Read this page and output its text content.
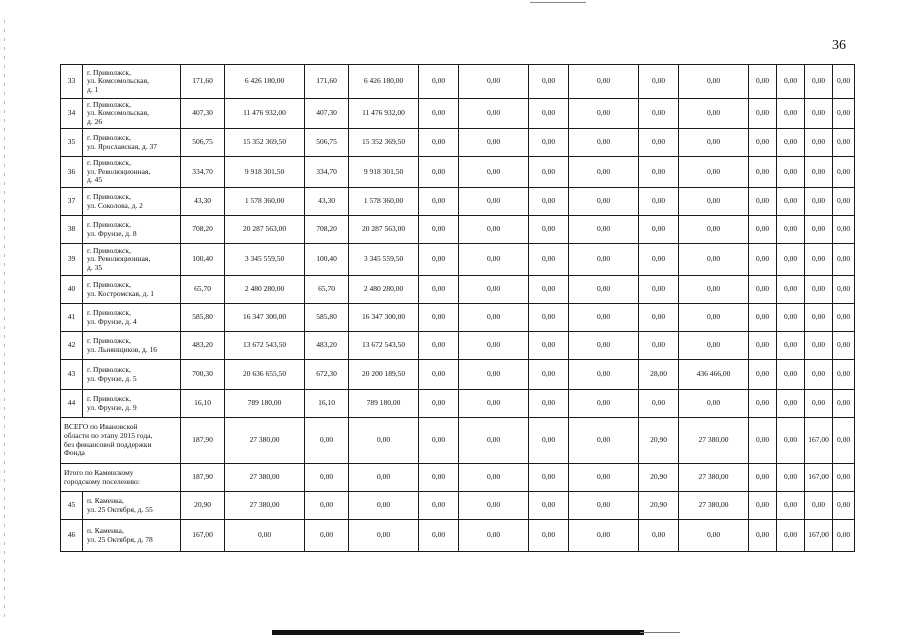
36
33	г. Приволжск,
ул. Комсомольская,
д. 1	171,60	6 426 180,00	171,60	6 426 180,00	0,00	0,00	0,00	0,00	0,00	0,00	0,00	0,00	0,00	0,00
34	г. Приволжск,
ул. Комсомольская,
д. 26	407,30	11 476 932,00	407,30	11 476 932,00	0,00	0,00	0,00	0,00	0,00	0,00	0,00	0,00	0,00	0,00
35	г. Приволжск,
ул. Ярославская, д. 37	506,75	15 352 369,50	506,75	15 352 369,50	0,00	0,00	0,00	0,00	0,00	0,00	0,00	0,00	0,00	0,00
36	г. Приволжск,
ул. Революционная,
д. 45	334,70	9 918 301,50	334,70	9 918 301,50	0,00	0,00	0,00	0,00	0,00	0,00	0,00	0,00	0,00	0,00
37	г. Приволжск,
ул. Соколова, д. 2	43,30	1 578 360,00	43,30	1 578 360,00	0,00	0,00	0,00	0,00	0,00	0,00	0,00	0,00	0,00	0,00
38	г. Приволжск,
ул. Фрунзе, д. 8	708,20	20 287 563,00	708,20	20 287 563,00	0,00	0,00	0,00	0,00	0,00	0,00	0,00	0,00	0,00	0,00
39	г. Приволжск,
ул. Революционная,
д. 35	100,40	3 345 559,50	100,40	3 345 559,50	0,00	0,00	0,00	0,00	0,00	0,00	0,00	0,00	0,00	0,00
40	г. Приволжск,
ул. Костромская, д. 1	65,70	2 480 280,00	65,70	2 480 280,00	0,00	0,00	0,00	0,00	0,00	0,00	0,00	0,00	0,00	0,00
41	г. Приволжск,
ул. Фрунзе, д. 4	585,80	16 347 300,00	585,80	16 347 300,00	0,00	0,00	0,00	0,00	0,00	0,00	0,00	0,00	0,00	0,00
42	г. Приволжск,
ул. Льнянщиков, д. 16	483,20	13 672 543,50	483,20	13 672 543,50	0,00	0,00	0,00	0,00	0,00	0,00	0,00	0,00	0,00	0,00
43	г. Приволжск,
ул. Фрунзе, д. 5	700,30	20 636 655,50	672,30	20 200 189,50	0,00	0,00	0,00	0,00	28,00	436 466,00	0,00	0,00	0,00	0,00
44	г. Приволжск,
ул. Фрунзе, д. 9	16,10	789 180,00	16,10	789 180,00	0,00	0,00	0,00	0,00	0,00	0,00	0,00	0,00	0,00	0,00

ВСЕГО по Ивановской
области по этапу 2015 года,
без финансовой поддержки
Фонда		187,90	27 380,00	0,00	0,00	0,00	0,00	0,00	0,00	20,90	27 380,00	0,00	0,00	167,00	0,00

Итого по Каменскому
городскому поселению:		187,90	27 380,00	0,00	0,00	0,00	0,00	0,00	0,00	20,90	27 380,00	0,00	0,00	167,00	0,00
45	п. Каменка,
ул. 25 Октября, д. 55	20,90	27 380,00	0,00	0,00	0,00	0,00	0,00	0,00	20,90	27 380,00	0,00	0,00	0,00	0,00
46	п. Каменка,
ул. 25 Октября, д. 78	167,00	0,00	0,00	0,00	0,00	0,00	0,00	0,00	0,00	0,00	0,00	0,00	167,00	0,00
